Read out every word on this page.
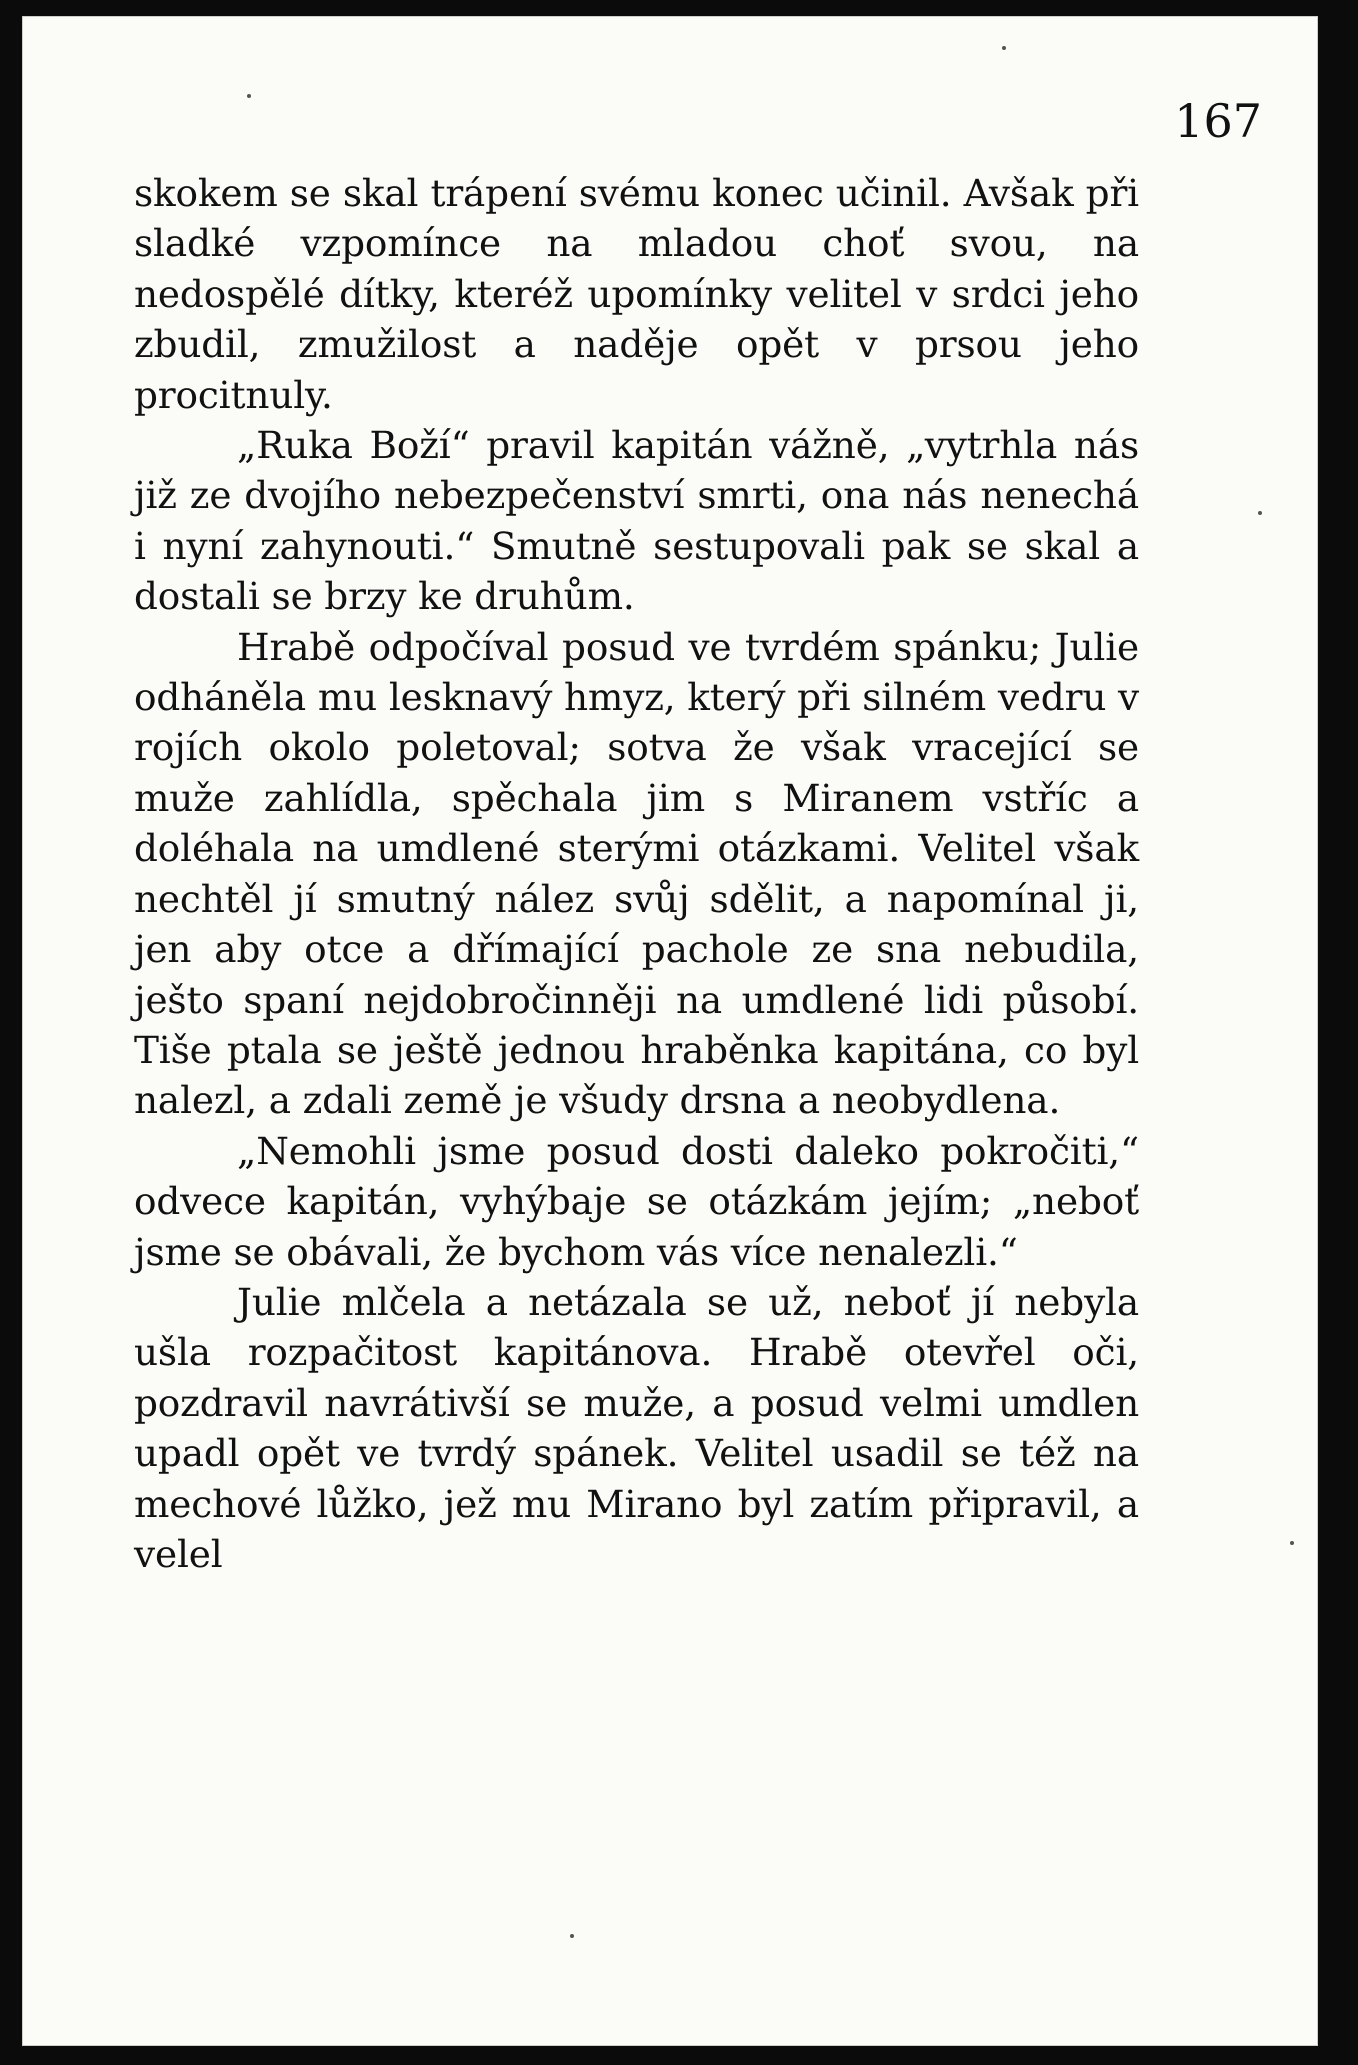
167

skokem se skal trápení svému konec učinil. Avšak při sladké vzpomínce na mladou choť svou, na nedospělé dítky, kteréž upomínky velitel v srdci jeho zbudil, zmužilost a naděje opět v prsou jeho procitnuly.

„Ruka Boží“ pravil kapitán vážně, „vytrhla nás již ze dvojího nebezpečenství smrti, ona nás nenechá i nyní zahynouti.“ Smutně sestupovali pak se skal a dostali se brzy ke druhům.

Hrabě odpočíval posud ve tvrdém spánku; Julie odháněla mu lesknavý hmyz, který při silném vedru v rojích okolo poletoval; sotva že však vracející se muže zahlídla, spěchala jim s Miranem vstříc a doléhala na umdlené sterými otázkami. Velitel však nechtěl jí smutný nález svůj sdělit, a napomínal ji, jen aby otce a dřímající pachole ze sna nebudila, ješto spaní nejdobročinněji na umdlené lidi působí. Tiše ptala se ještě jednou hraběnka kapitána, co byl nalezl, a zdali země je všudy drsna a neobydlena.

„Nemohli jsme posud dosti daleko pokročiti,“ odvece kapitán, vyhýbaje se otázkám jejím; „neboť jsme se obávali, že bychom vás více nenalezli.“

Julie mlčela a netázala se už, neboť jí nebyla ušla rozpačitost kapitánova. Hrabě otevřel oči, pozdravil navrátivší se muže, a posud velmi umdlen upadl opět ve tvrdý spánek. Velitel usadil se též na mechové lůžko, jež mu Mirano byl zatím připravil, a velel
